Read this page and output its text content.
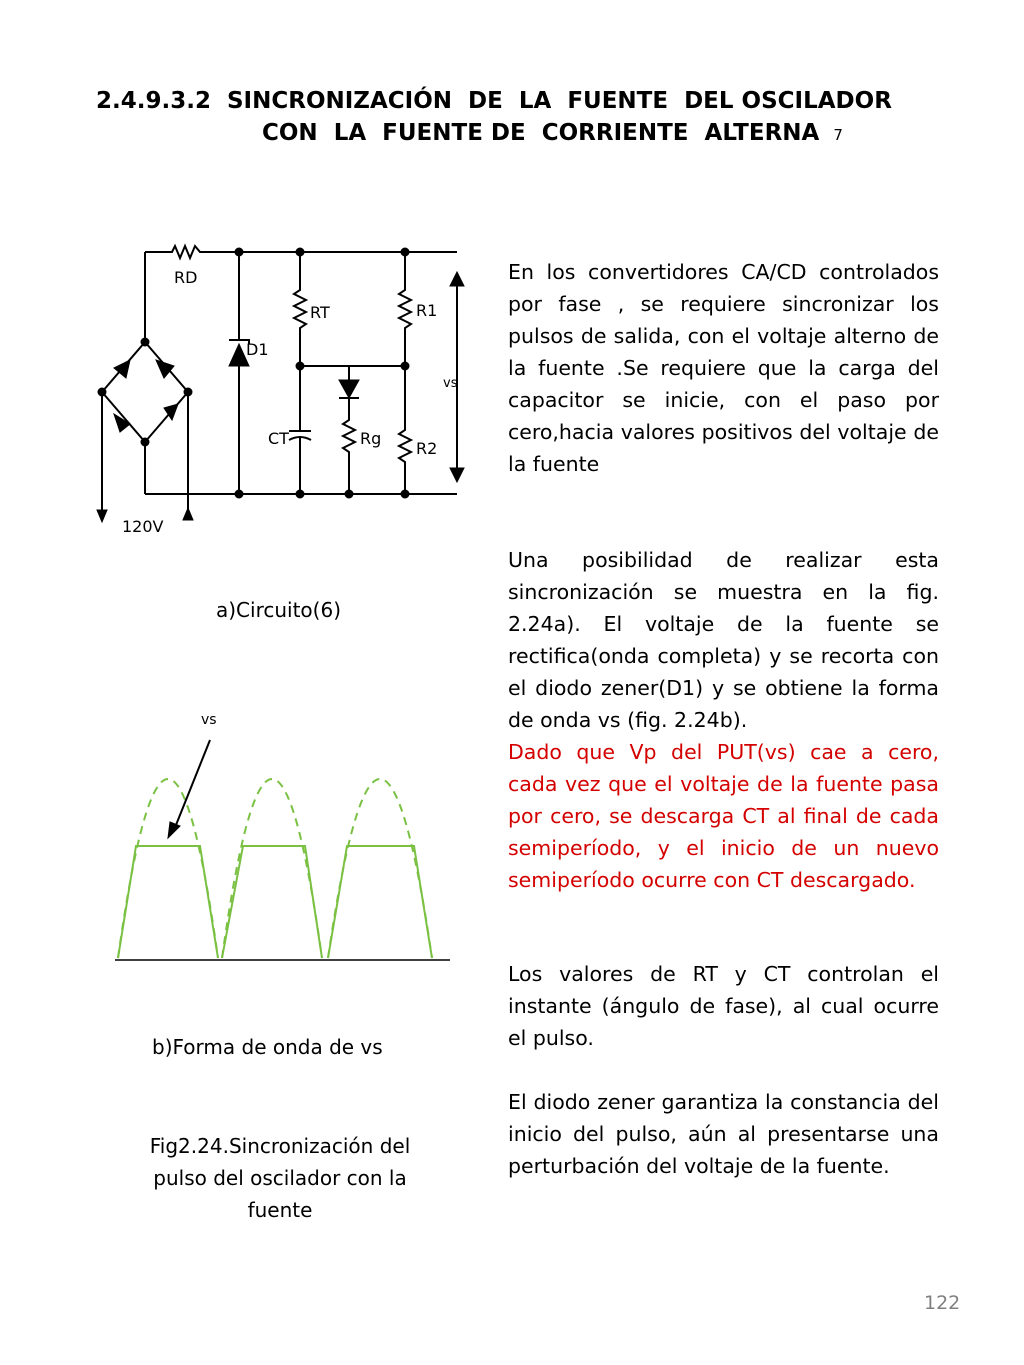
2.4.9.3.2  SINCRONIZACIÓN  DE  LA  FUENTE  DEL OSCILADOR
CON  LA  FUENTE DE  CORRIENTE  ALTERNA 7
RD
D1
RT	R1
vs
CT	Rg
R2
120V
vs
a)Circuito(6)
b)Forma de onda de vs
Fig2.24.Sincronización del pulso del oscilador con la fuente

En los convertidores CA/CD controlados por fase , se requiere sincronizar los pulsos de salida, con el voltaje alterno de la fuente .Se requiere que la carga del capacitor se inicie, con el paso por cero,hacia valores positivos del voltaje de la fuente

Una posibilidad de realizar esta sincronización se muestra en la fig. 2.24a). El voltaje de la fuente se rectifica(onda completa) y se recorta con el diodo zener(D1) y se obtiene la forma de onda vs (fig. 2.24b).

Dado que Vp del PUT(vs) cae a cero, cada vez que el voltaje de la fuente pasa por cero, se descarga CT al final de cada semiperíodo, y el inicio de un nuevo semiperíodo ocurre con CT descargado.

Los valores de RT y CT controlan el instante (ángulo de fase), al cual ocurre el pulso.

El diodo zener garantiza la constancia del inicio del pulso, aún al presentarse una perturbación del voltaje de la fuente.

122
